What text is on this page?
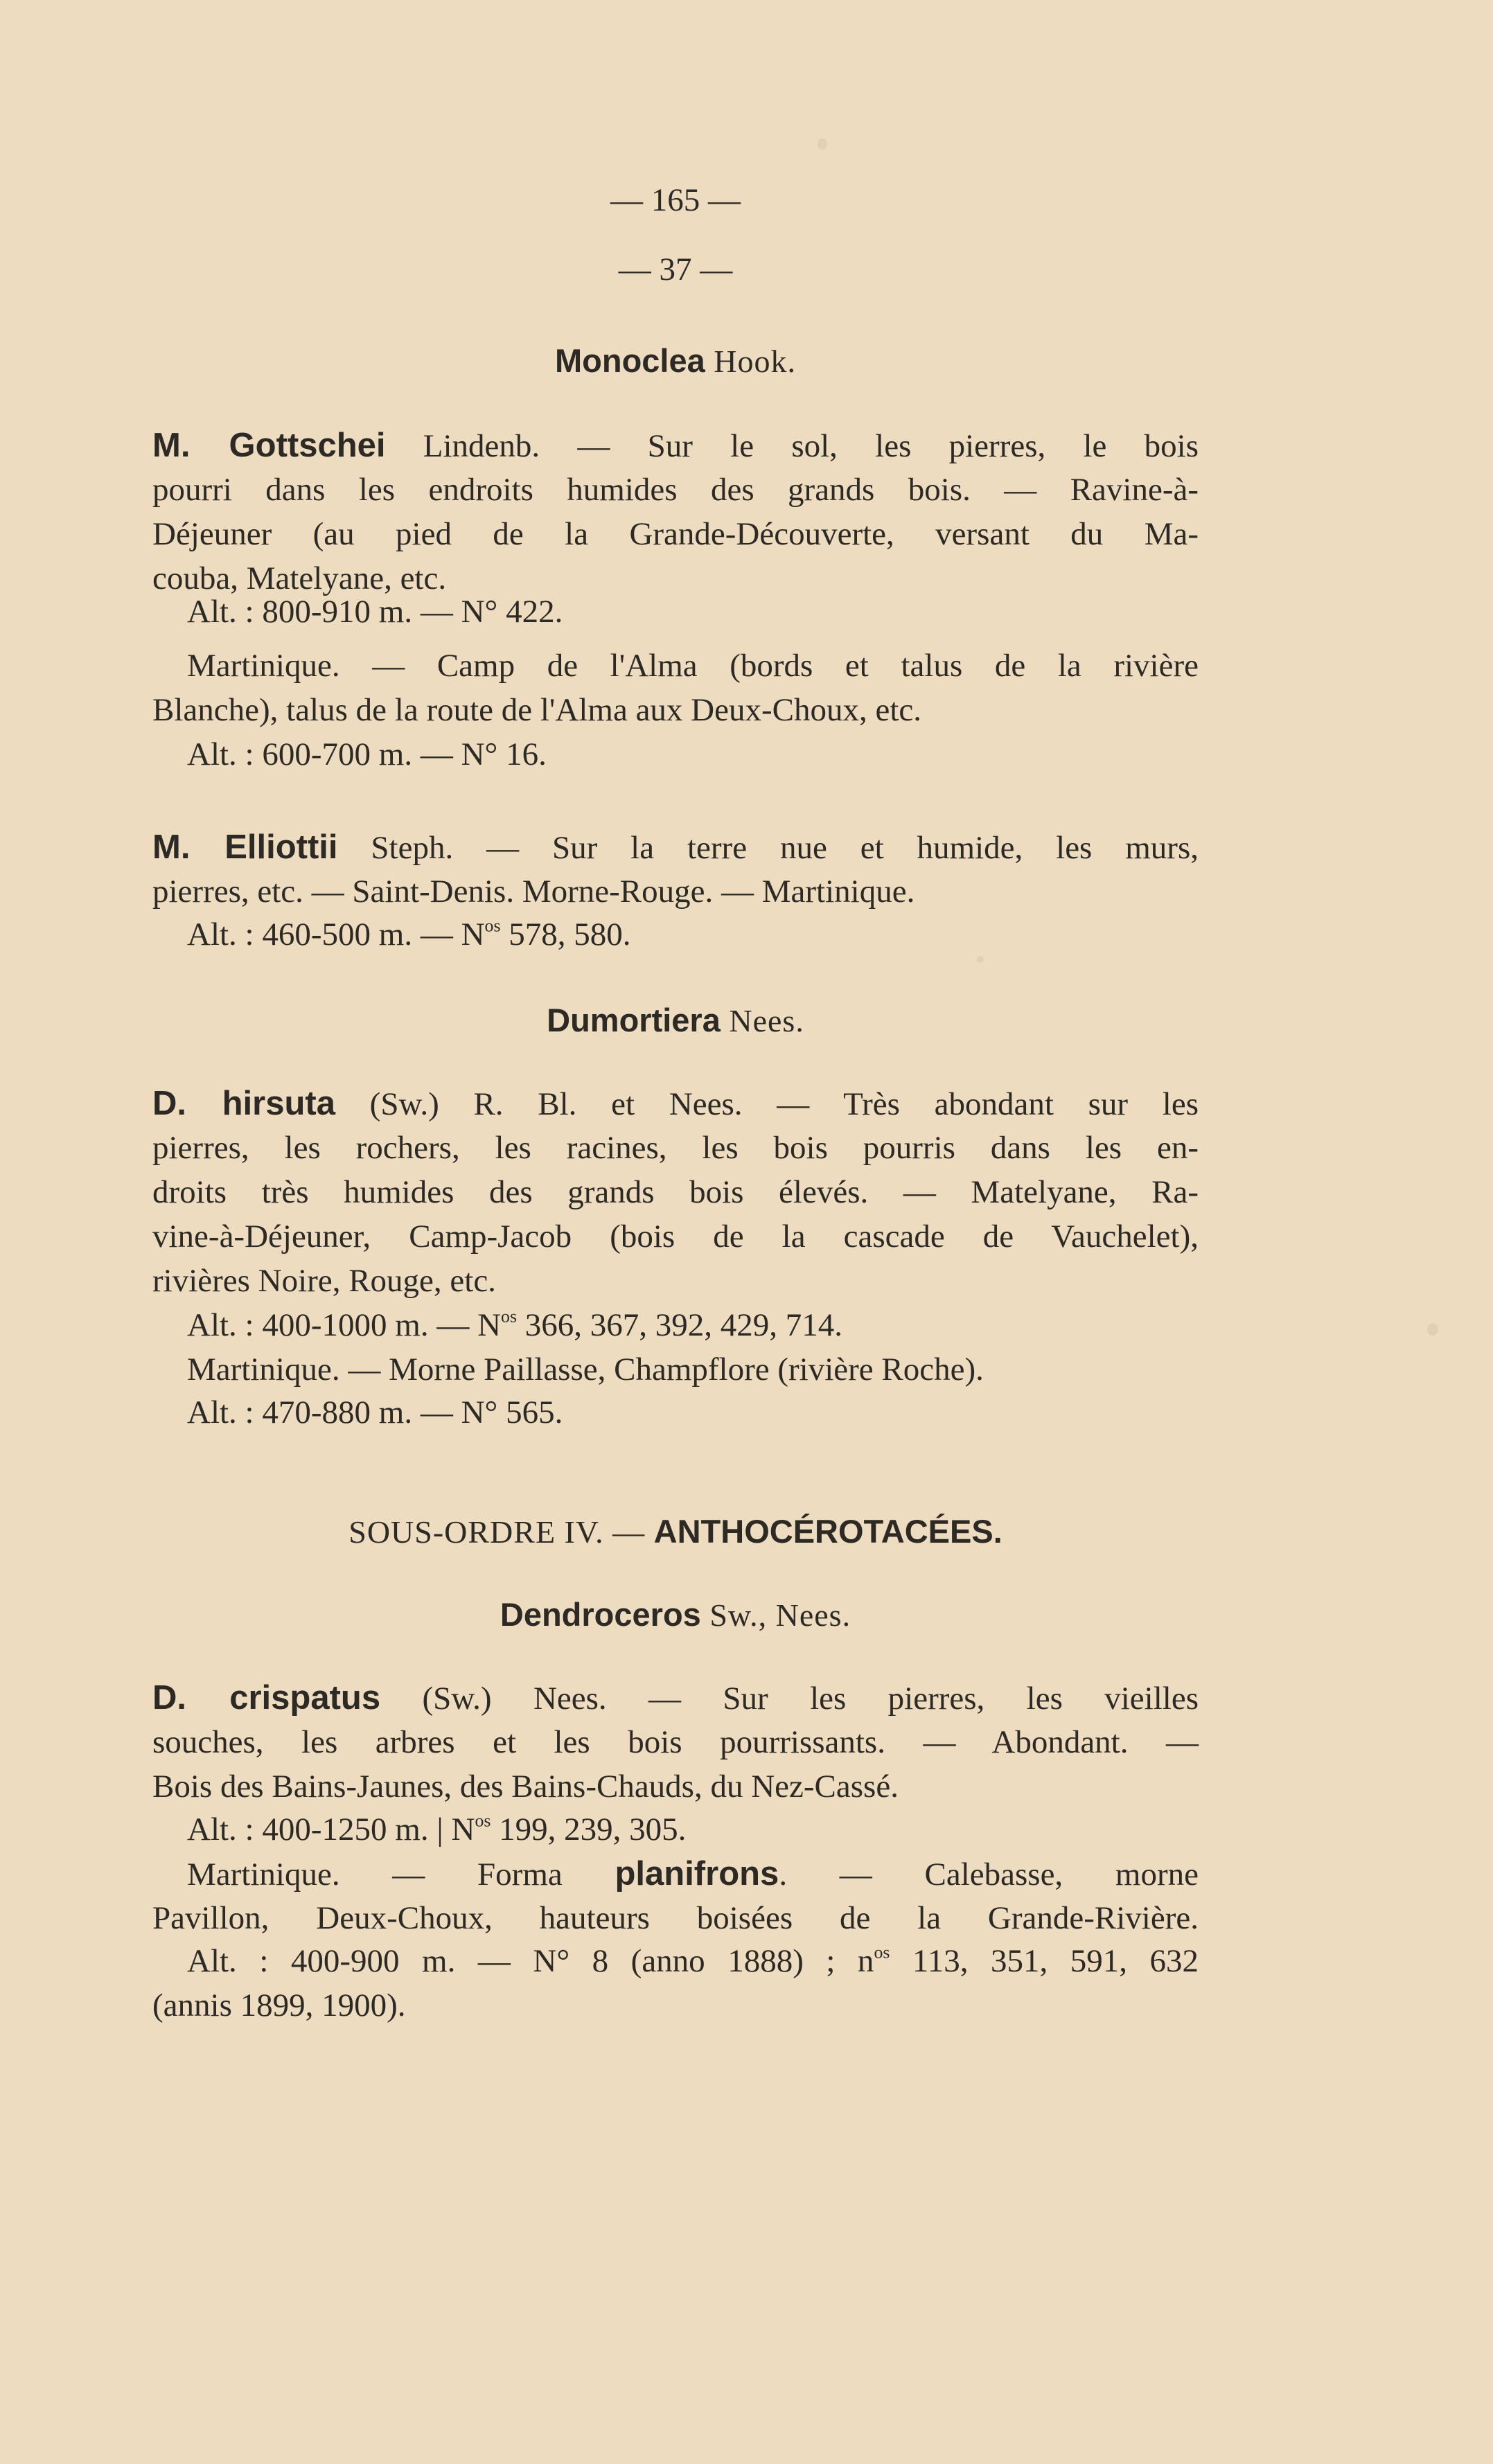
— 165 —
— 37 —
Monoclea Hook.
M. Gottschei Lindenb. — Sur le sol, les pierres, le bois
pourri dans les endroits humides des grands bois. — Ravine-à-
Déjeuner (au pied de la Grande-Découverte, versant du Ma-
couba, Matelyane, etc.
Alt. : 800-910 m. — N° 422.
Martinique. — Camp de l'Alma (bords et talus de la rivière
Blanche), talus de la route de l'Alma aux Deux-Choux, etc.
Alt. : 600-700 m. — N° 16.
M. Elliottii Steph. — Sur la terre nue et humide, les murs,
pierres, etc. — Saint-Denis. Morne-Rouge. — Martinique.
Alt. : 460-500 m. — $N^{os}$ 578, 580.
Dumortiera Nees.
D. hirsuta (Sw.) R. Bl. et Nees. — Très abondant sur les
pierres, les rochers, les racines, les bois pourris dans les en-
droits très humides des grands bois élevés. — Matelyane, Ra-
vine-à-Déjeuner, Camp-Jacob (bois de la cascade de Vauchelet),
rivières Noire, Rouge, etc.
Alt. : 400-1000 m. — $N^{os}$ 366, 367, 392, 429, 714.
Martinique. — Morne Paillasse, Champflore (rivière Roche).
Alt. : 470-880 m. — N° 565.
SOUS-ORDRE IV. — ANTHOCÉROTACÉES.
Dendroceros Sw., Nees.
D. crispatus (Sw.) Nees. — Sur les pierres, les vieilles
souches, les arbres et les bois pourrissants. — Abondant. —
Bois des Bains-Jaunes, des Bains-Chauds, du Nez-Cassé.
Alt. : 400-1250 m. | $N^{os}$ 199, 239, 305.
Martinique. — Forma planifrons. — Calebasse, morne
Pavillon, Deux-Choux, hauteurs boisées de la Grande-Rivière.
Alt. : 400-900 m. — N° 8 (anno 1888) ; $n^{os}$ 113, 351, 591, 632
(annis 1899, 1900).
